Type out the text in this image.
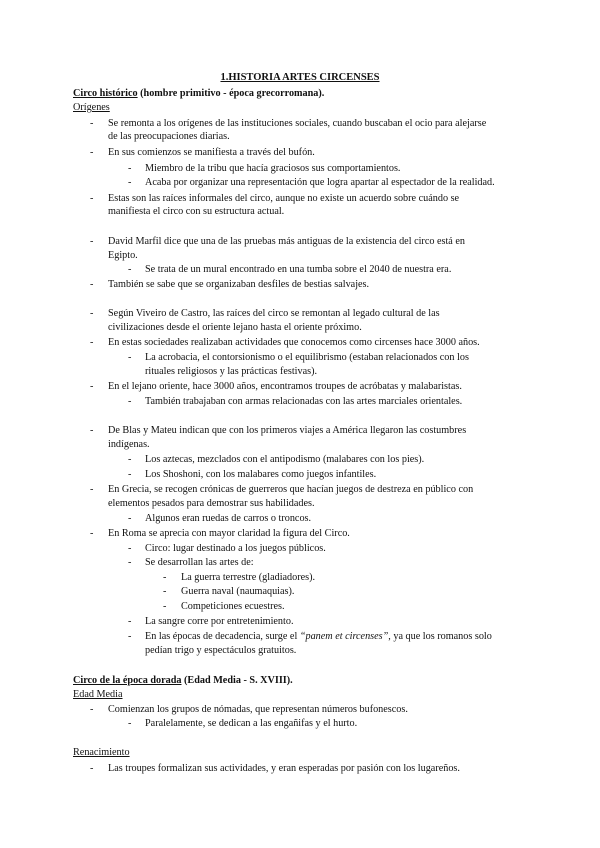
1.HISTORIA ARTES CIRCENSES
Circo histórico (hombre primitivo - época grecorromana).
Orígenes
- Se remonta a los orígenes de las instituciones sociales, cuando buscaban el ocio para alejarse
de las preocupaciones diarias.
- En sus comienzos se manifiesta a través del bufón.
- Miembro de la tribu que hacía graciosos sus comportamientos.
- Acaba por organizar una representación que logra apartar al espectador de la realidad.
- Estas son las raíces informales del circo, aunque no existe un acuerdo sobre cuándo se
manifiesta el circo con su estructura actual.
- David Marfil dice que una de las pruebas más antiguas de la existencia del circo está en
Egipto.
- Se trata de un mural encontrado en una tumba sobre el 2040 de nuestra era.
- También se sabe que se organizaban desfiles de bestias salvajes.
- Según Viveiro de Castro, las raíces del circo se remontan al legado cultural de las
civilizaciones desde el oriente lejano hasta el oriente próximo.
- En estas sociedades realizaban actividades que conocemos como circenses hace 3000 años.
- La acrobacia, el contorsionismo o el equilibrismo (estaban relacionados con los
rituales religiosos y las prácticas festivas).
- En el lejano oriente, hace 3000 años, encontramos troupes de acróbatas y malabaristas.
- También trabajaban con armas relacionadas con las artes marciales orientales.
- De Blas y Mateu indican que con los primeros viajes a América llegaron las costumbres
indígenas.
- Los aztecas, mezclados con el antipodismo (malabares con los pies).
- Los Shoshoni, con los malabares como juegos infantiles.
- En Grecia, se recogen crónicas de guerreros que hacían juegos de destreza en público con
elementos pesados para demostrar sus habilidades.
- Algunos eran ruedas de carros o troncos.
- En Roma se aprecia con mayor claridad la figura del Circo.
- Circo: lugar destinado a los juegos públicos.
- Se desarrollan las artes de:
- La guerra terrestre (gladiadores).
- Guerra naval (naumaquias).
- Competiciones ecuestres.
- La sangre corre por entretenimiento.
- En las épocas de decadencia, surge el “panem et circenses”, ya que los romanos solo
pedían trigo y espectáculos gratuitos.
Circo de la época dorada (Edad Media - S. XVIII).
Edad Media
- Comienzan los grupos de nómadas, que representan números bufonescos.
- Paralelamente, se dedican a las engañifas y el hurto.
Renacimiento
- Las troupes formalizan sus actividades, y eran esperadas por pasión con los lugareños.
